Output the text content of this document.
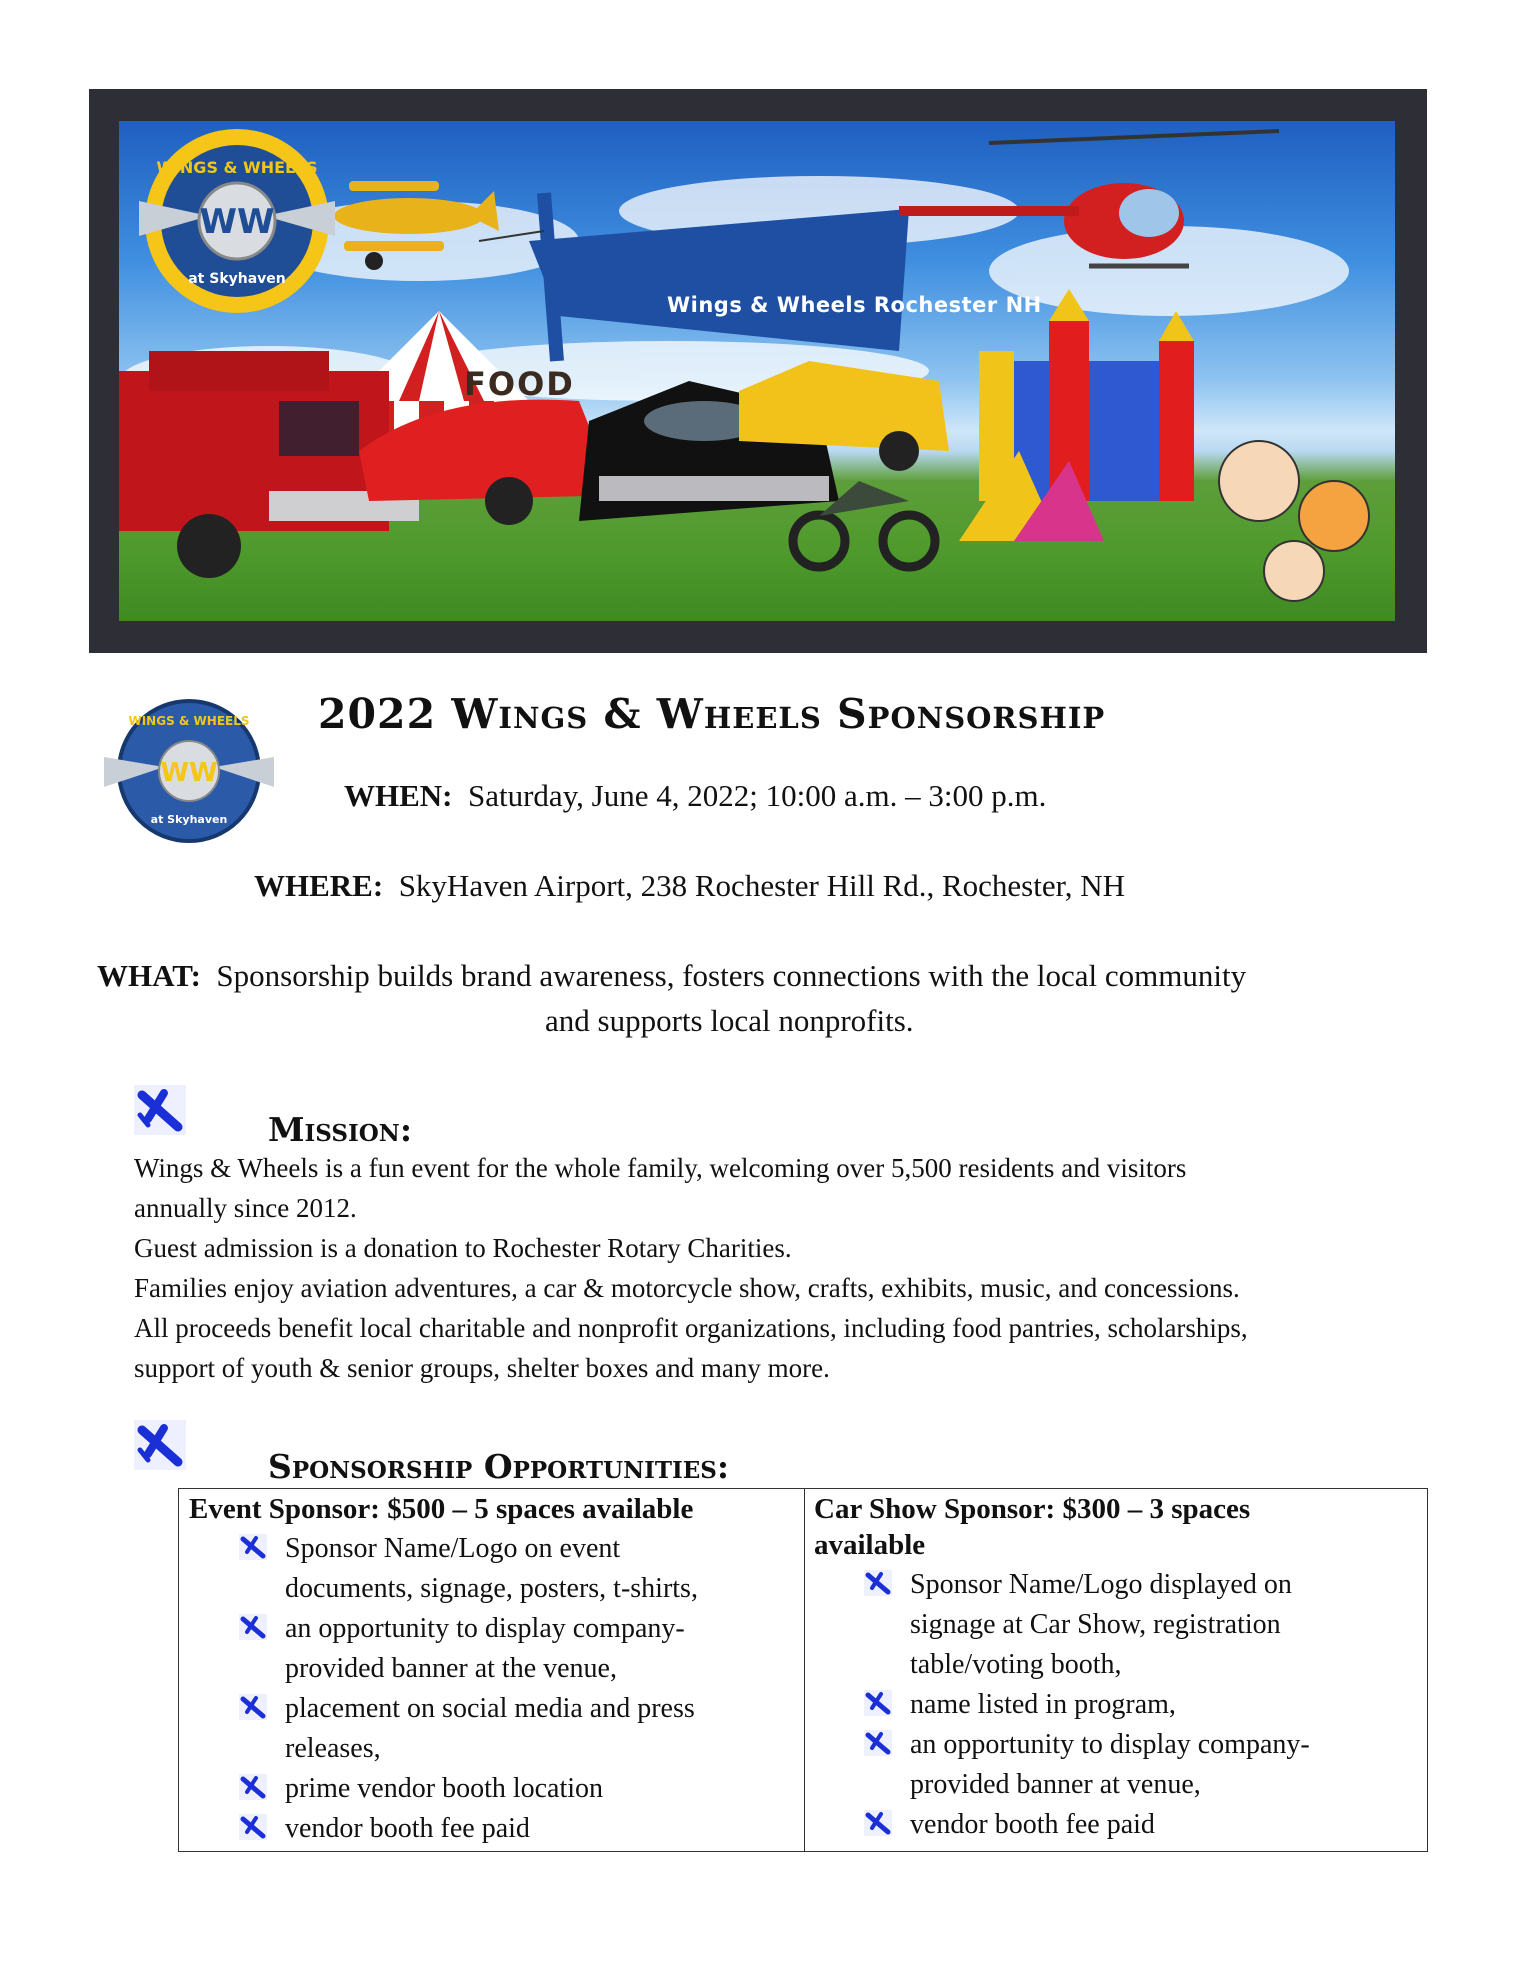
WW
WINGS & WHEELS
at Skyhaven
Wings & Wheels Rochester NH
FOOD
WW
WINGS & WHEELS
at Skyhaven
2022 Wings & Wheels Sponsorship
WHEN: Saturday, June 4, 2022; 10:00 a.m. – 3:00 p.m.
WHERE: SkyHaven Airport, 238 Rochester Hill Rd., Rochester, NH
WHAT: Sponsorship builds brand awareness, fosters connections with the local community
and supports local nonprofits.
Mission:

Wings & Wheels is a fun event for the whole family, welcoming over 5,500 residents and visitors

annually since 2012.

Guest admission is a donation to Rochester Rotary Charities.

Families enjoy aviation adventures, a car & motorcycle show, crafts, exhibits, music, and concessions.

All proceeds benefit local charitable and nonprofit organizations, including food pantries, scholarships,

support of youth & senior groups, shelter boxes and many more.

Sponsorship Opportunities:
Event Sponsor: $500 – 5 spaces available
Sponsor Name/Logo on event
documents, signage, posters, t-shirts,
an opportunity to display company-
provided banner at the venue,
placement on social media and press
releases,
prime vendor booth location
vendor booth fee paid
Car Show Sponsor: $300 – 3 spaces
available
Sponsor Name/Logo displayed on
signage at Car Show, registration
table/voting booth,
name listed in program,
an opportunity to display company-
provided banner at venue,
vendor booth fee paid
